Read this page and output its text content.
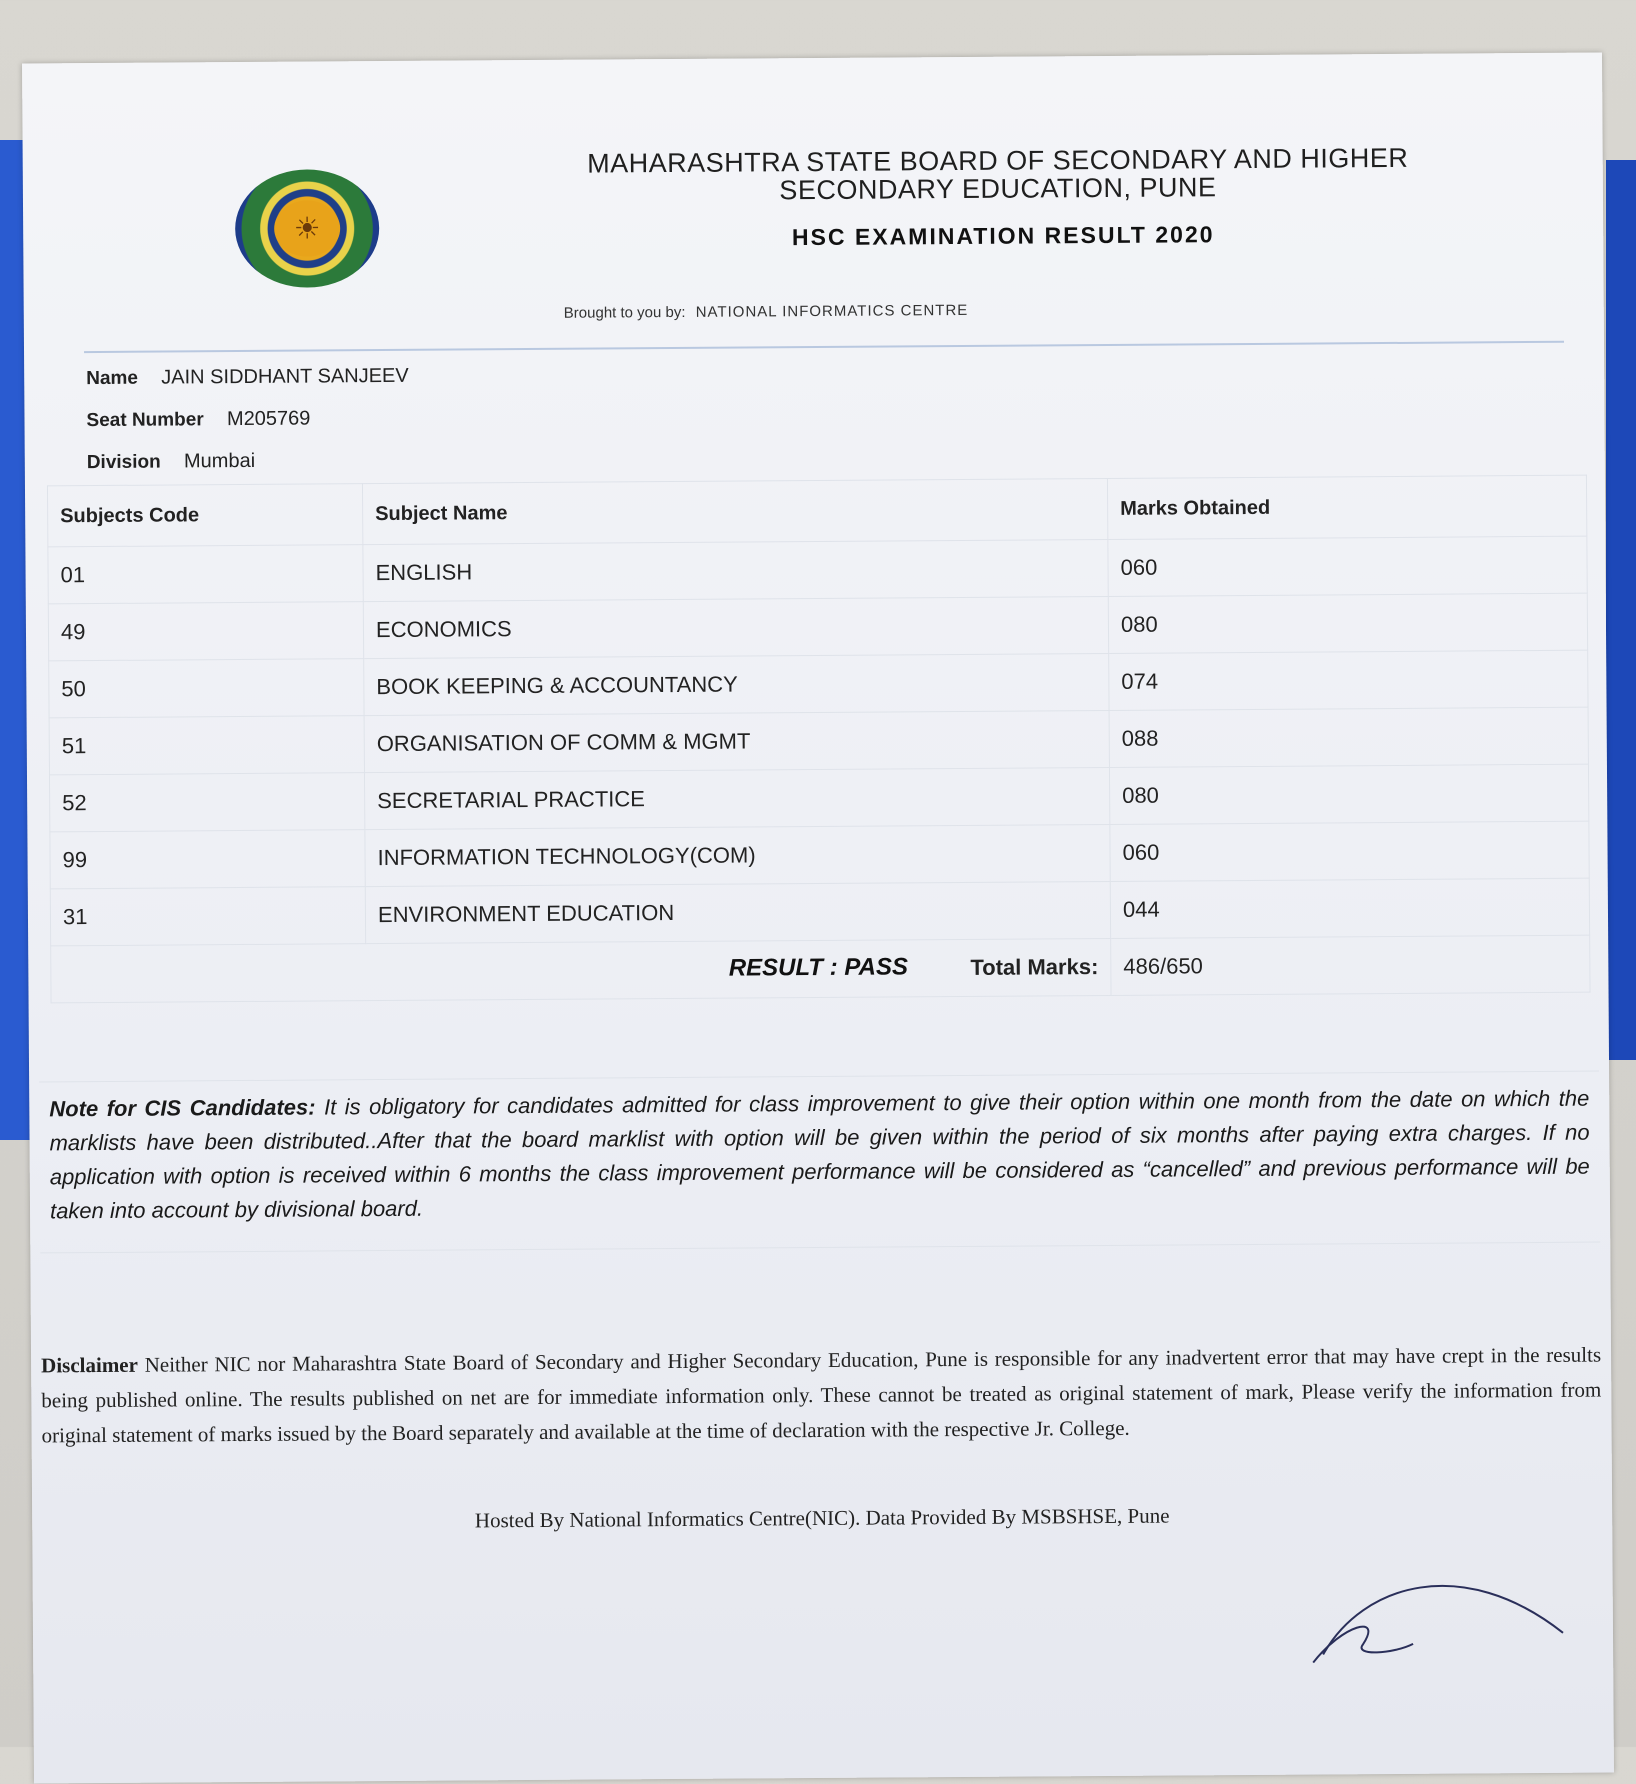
☀
MAHARASHTRA STATE BOARD OF SECONDARY AND HIGHER
SECONDARY EDUCATION, PUNE
HSC EXAMINATION RESULT 2020
Brought to you by: NATIONAL INFORMATICS CENTRE
Name JAIN SIDDHANT SANJEEV
Seat Number M205769
Division Mumbai
Subjects Code	Subject Name	Marks Obtained
01	ENGLISH	060
49	ECONOMICS	080
50	BOOK KEEPING & ACCOUNTANCY	074
51	ORGANISATION OF COMM & MGMT	088
52	SECRETARIAL PRACTICE	080
99	INFORMATION TECHNOLOGY(COM)	060
31	ENVIRONMENT EDUCATION	044
Total Marks:		486/650
RESULT : PASS
Note for CIS Candidates: It is obligatory for candidates admitted for class improvement to give their option within one month from the date on which the marklists have been distributed..After that the board marklist with option will be given within the period of six months after paying extra charges. If no application with option is received within 6 months the class improvement performance will be considered as “cancelled” and previous performance will be taken into account by divisional board.
Disclaimer Neither NIC nor Maharashtra State Board of Secondary and Higher Secondary Education, Pune is responsible for any inadvertent error that may have crept in the results being published online. The results published on net are for immediate information only. These cannot be treated as original statement of mark, Please verify the information from original statement of marks issued by the Board separately and available at the time of declaration with the respective Jr. College.
Hosted By National Informatics Centre(NIC). Data Provided By MSBSHSE, Pune
